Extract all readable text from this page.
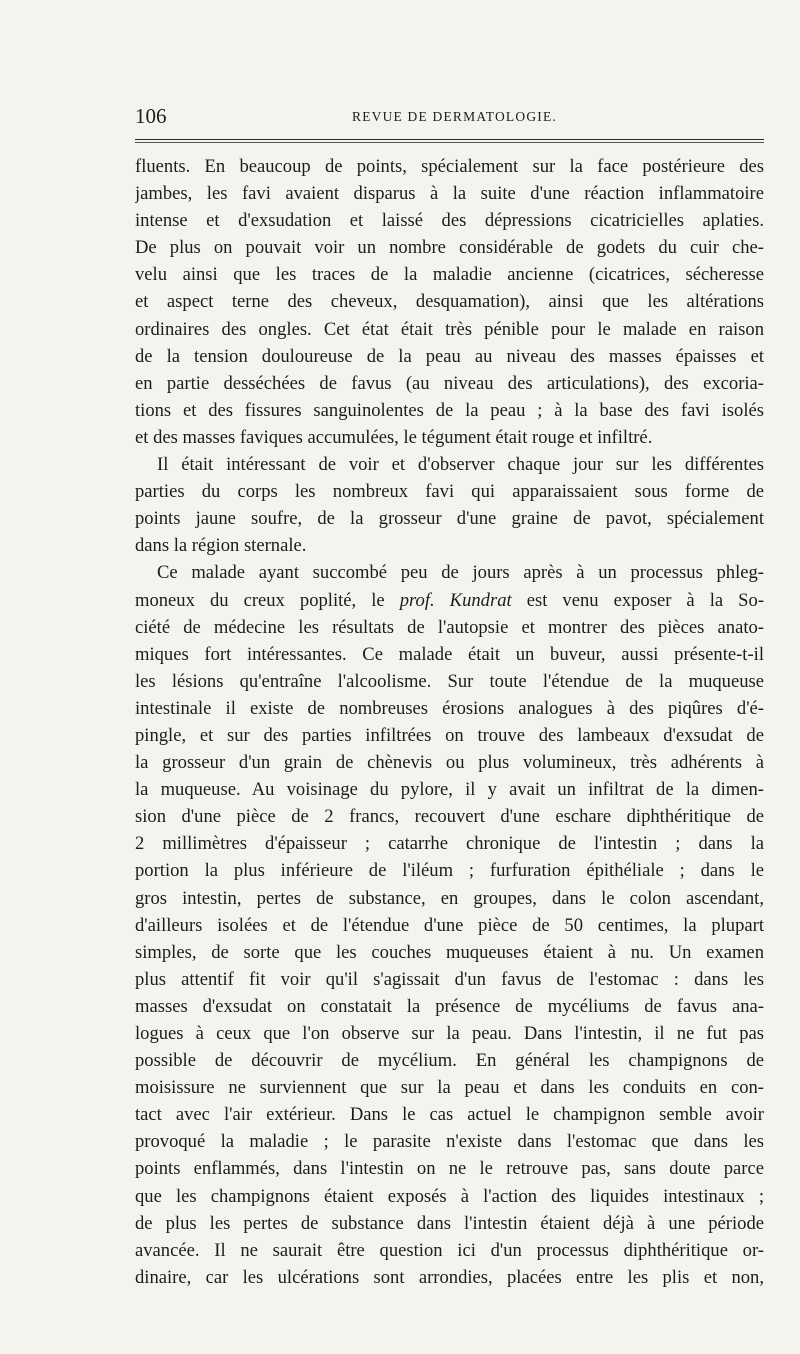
106	REVUE DE DERMATOLOGIE.
fluents. En beaucoup de points, spécialement sur la face postérieure des
jambes, les favi avaient disparus à la suite d'une réaction inflammatoire
intense et d'exsudation et laissé des dépressions cicatricielles aplaties.
De plus on pouvait voir un nombre considérable de godets du cuir che-
velu ainsi que les traces de la maladie ancienne (cicatrices, sécheresse
et aspect terne des cheveux, desquamation), ainsi que les altérations
ordinaires des ongles. Cet état était très pénible pour le malade en raison
de la tension douloureuse de la peau au niveau des masses épaisses et
en partie desséchées de favus (au niveau des articulations), des excoria-
tions et des fissures sanguinolentes de la peau ; à la base des favi isolés
et des masses faviques accumulées, le tégument était rouge et infiltré.
Il était intéressant de voir et d'observer chaque jour sur les différentes
parties du corps les nombreux favi qui apparaissaient sous forme de
points jaune soufre, de la grosseur d'une graine de pavot, spécialement
dans la région sternale.
Ce malade ayant succombé peu de jours après à un processus phleg-
moneux du creux poplité, le prof. Kundrat est venu exposer à la So-
ciété de médecine les résultats de l'autopsie et montrer des pièces anato-
miques fort intéressantes. Ce malade était un buveur, aussi présente-t-il
les lésions qu'entraîne l'alcoolisme. Sur toute l'étendue de la muqueuse
intestinale il existe de nombreuses érosions analogues à des piqûres d'é-
pingle, et sur des parties infiltrées on trouve des lambeaux d'exsudat de
la grosseur d'un grain de chènevis ou plus volumineux, très adhérents à
la muqueuse. Au voisinage du pylore, il y avait un infiltrat de la dimen-
sion d'une pièce de 2 francs, recouvert d'une eschare diphthéritique de
2 millimètres d'épaisseur ; catarrhe chronique de l'intestin ; dans la
portion la plus inférieure de l'iléum ; furfuration épithéliale ; dans le
gros intestin, pertes de substance, en groupes, dans le colon ascendant,
d'ailleurs isolées et de l'étendue d'une pièce de 50 centimes, la plupart
simples, de sorte que les couches muqueuses étaient à nu. Un examen
plus attentif fit voir qu'il s'agissait d'un favus de l'estomac : dans les
masses d'exsudat on constatait la présence de mycéliums de favus ana-
logues à ceux que l'on observe sur la peau. Dans l'intestin, il ne fut pas
possible de découvrir de mycélium. En général les champignons de
moisissure ne surviennent que sur la peau et dans les conduits en con-
tact avec l'air extérieur. Dans le cas actuel le champignon semble avoir
provoqué la maladie ; le parasite n'existe dans l'estomac que dans les
points enflammés, dans l'intestin on ne le retrouve pas, sans doute parce
que les champignons étaient exposés à l'action des liquides intestinaux ;
de plus les pertes de substance dans l'intestin étaient déjà à une période
avancée. Il ne saurait être question ici d'un processus diphthéritique or-
dinaire, car les ulcérations sont arrondies, placées entre les plis et non,
